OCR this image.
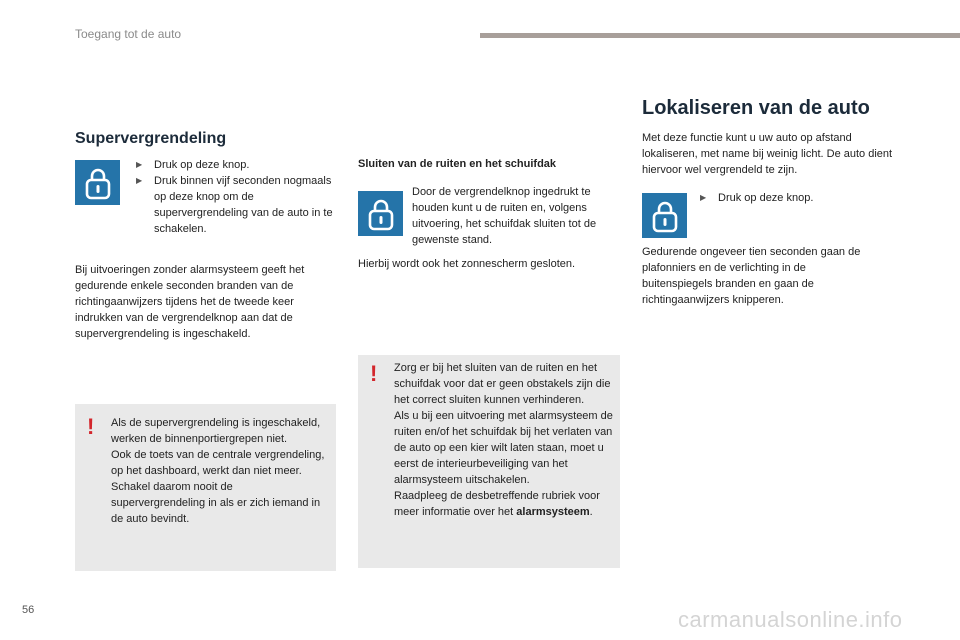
Toegang tot de auto
Supervergrendeling
▶	Druk op deze knop.
▶	Druk binnen vijf seconden nogmaals op deze knop om de supervergrendeling van de auto in te schakelen.
Bij uitvoeringen zonder alarmsysteem geeft het gedurende enkele seconden branden van de richtingaanwijzers tijdens het de tweede keer indrukken van de vergrendelknop aan dat de supervergrendeling is ingeschakeld.
! Als de supervergrendeling is ingeschakeld, werken de binnenportiergrepen niet.

Ook de toets van de centrale vergrendeling, op het dashboard, werkt dan niet meer.

Schakel daarom nooit de supervergrendeling in als er zich iemand in de auto bevindt.

Sluiten van de ruiten en het schuifdak
Door de vergrendelknop ingedrukt te houden kunt u de ruiten en, volgens uitvoering, het schuifdak sluiten tot de gewenste stand.
Hierbij wordt ook het zonnescherm gesloten.
! Zorg er bij het sluiten van de ruiten en het schuifdak voor dat er geen obstakels zijn die het correct sluiten kunnen verhinderen.

Als u bij een uitvoering met alarmsysteem de ruiten en/of het schuifdak bij het verlaten van de auto op een kier wilt laten staan, moet u eerst de interieurbeveiliging van het alarmsysteem uitschakelen.

Raadpleeg de desbetreffende rubriek voor meer informatie over het alarmsysteem.

Lokaliseren van de auto
Met deze functie kunt u uw auto op afstand lokaliseren, met name bij weinig licht. De auto dient hiervoor wel vergrendeld te zijn.
▶	Druk op deze knop.
Gedurende ongeveer tien seconden gaan de plafonniers en de verlichting in de buitenspiegels branden en gaan de richtingaanwijzers knipperen.
56	carmanualsonline.info
